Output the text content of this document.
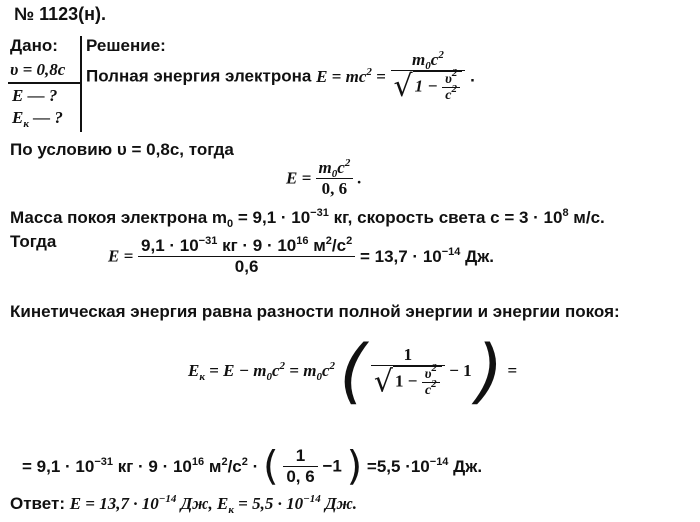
№ 1123(н).
Дано:
υ = 0,8c
E — ?
$E_к$ — ?
Решение:
Полная энергия электрона $E = mc^2 = \frac{m_0c^2}{√ 1 - \frac{\upsilon^2}{c^2}}$ .
По условию υ = 0,8c, тогда
$E = \frac{m_0c^2}{0, 6}$ .
Масса покоя электрона $m_0 = 9,1 \cdot 10^{-31}$ кг, скорость света $c = 3 \cdot 10^8$ м/с.
Тогда
$E = \frac{9,1 \cdot 10^{-31} кг \cdot 9 \cdot 10^{16} м^2/с^2}{0,6} = 13,7 \cdot 10^{-14}$ Дж.
Кинетическая энергия равна разности полной энергии и энергии покоя:
$E_к = E - m_0c^2 = m_0c^2$ ( $\frac{1}{√ 1 - \frac{\upsilon^2}{c^2}} - 1$ ) =
= $9,1 \cdot 10^{-31}$ кг · $9 \cdot 10^{16}$ $м^2/с^2$ · ( $\frac{1}{0, 6} -1$ ) $=5,5 \cdot 10^{-14}$ Дж.
Ответ: $E = 13,7 \cdot 10^{-14}$ Дж, $E_к = 5,5 \cdot 10^{-14}$ Дж.
